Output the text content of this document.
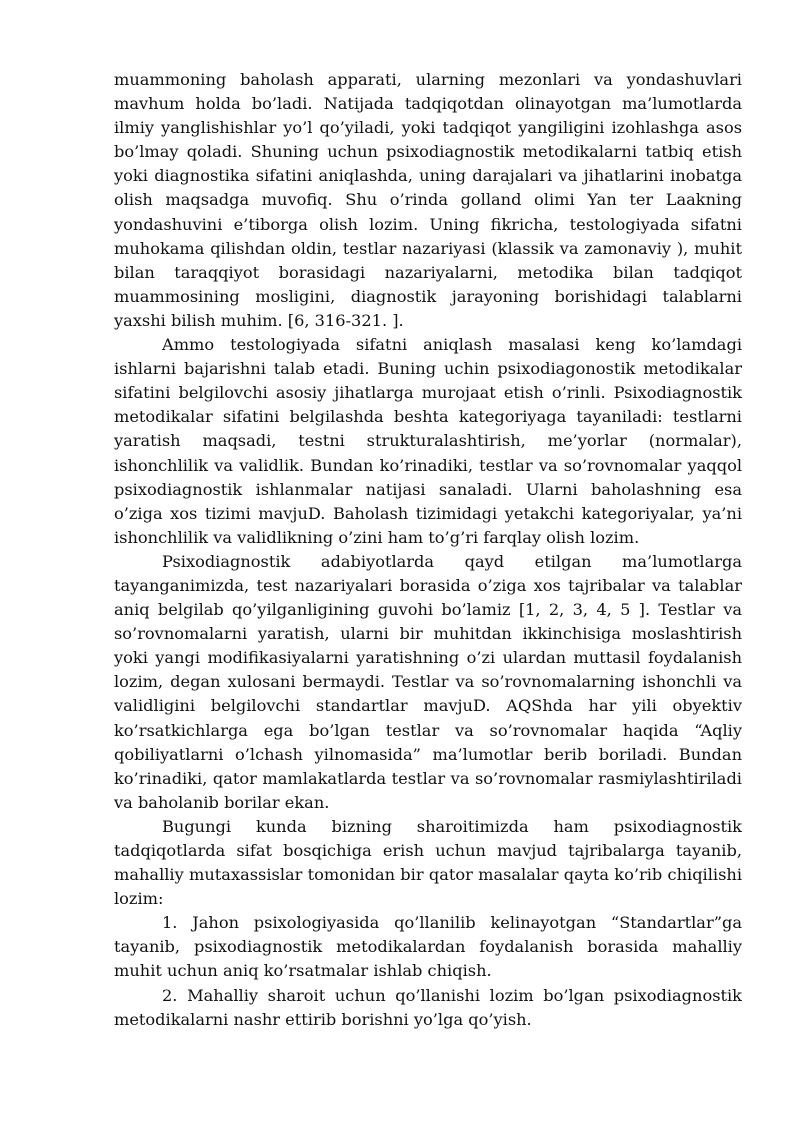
muammoning baholash apparati, ularning mezonlari va yondashuvlari mavhum holda bo’ladi. Natijada tadqiqotdan olinayotgan ma’lumotlarda ilmiy yanglishishlar yo’l qo’yiladi, yoki tadqiqot yangiligini izohlashga asos bo’lmay qoladi. Shuning uchun psixodiagnostik metodikalarni tatbiq etish yoki diagnostika sifatini aniqlashda, uning darajalari va jihatlarini inobatga olish maqsadga muvofiq. Shu o’rinda golland olimi Yan ter Laakning yondashuvini e’tiborga olish lozim. Uning fikricha, testologiyada sifatni muhokama qilishdan oldin, testlar nazariyasi (klassik va zamonaviy ), muhit bilan taraqqiyot borasidagi nazariyalarni, metodika bilan tadqiqot muammosining mosligini, diagnostik jarayoning borishidagi talablarni yaxshi bilish muhim. [6, 316-321. ].

Ammo testologiyada sifatni aniqlash masalasi keng ko’lamdagi ishlarni bajarishni talab etadi. Buning uchin psixodiagonostik metodikalar sifatini belgilovchi asosiy jihatlarga murojaat etish o’rinli. Psixodiagnostik metodikalar sifatini belgilashda beshta kategoriyaga tayaniladi: testlarni yaratish maqsadi, testni strukturalashtirish, me’yorlar (normalar), ishonchlilik va validlik. Bundan ko’rinadiki, testlar va so’rovnomalar yaqqol psixodiagnostik ishlanmalar natijasi sanaladi. Ularni baholashning esa o’ziga xos tizimi mavjuD. Baholash tizimidagi yetakchi kategoriyalar, ya’ni ishonchlilik va validlikning o’zini ham to’g’ri farqlay olish lozim.

Psixodiagnostik adabiyotlarda qayd etilgan ma’lumotlarga tayanganimizda, test nazariyalari borasida o’ziga xos tajribalar va talablar aniq belgilab qo’yilganligining guvohi bo’lamiz [1, 2, 3, 4, 5 ]. Testlar va so’rovnomalarni yaratish, ularni bir muhitdan ikkinchisiga moslashtirish yoki yangi modifikasiyalarni yaratishning o’zi ulardan muttasil foydalanish lozim, degan xulosani bermaydi. Testlar va so’rovnomalarning ishonchli va validligini belgilovchi standartlar mavjuD. AQShda har yili obyektiv ko’rsatkichlarga ega bo’lgan testlar va so’rovnomalar haqida “Aqliy qobiliyatlarni o’lchash yilnomasida” ma’lumotlar berib boriladi. Bundan ko’rinadiki, qator mamlakatlarda testlar va so’rovnomalar rasmiylashtiriladi va baholanib borilar ekan.

Bugungi kunda bizning sharoitimizda ham psixodiagnostik tadqiqotlarda sifat bosqichiga erish uchun mavjud tajribalarga tayanib, mahalliy mutaxassislar tomonidan bir qator masalalar qayta ko’rib chiqilishi lozim:

1. Jahon psixologiyasida qo’llanilib kelinayotgan “Standartlar”ga tayanib, psixodiagnostik metodikalardan foydalanish borasida mahalliy muhit uchun aniq ko’rsatmalar ishlab chiqish.

2. Mahalliy sharoit uchun qo’llanishi lozim bo’lgan psixodiagnostik metodikalarni nashr ettirib borishni yo’lga qo’yish.
